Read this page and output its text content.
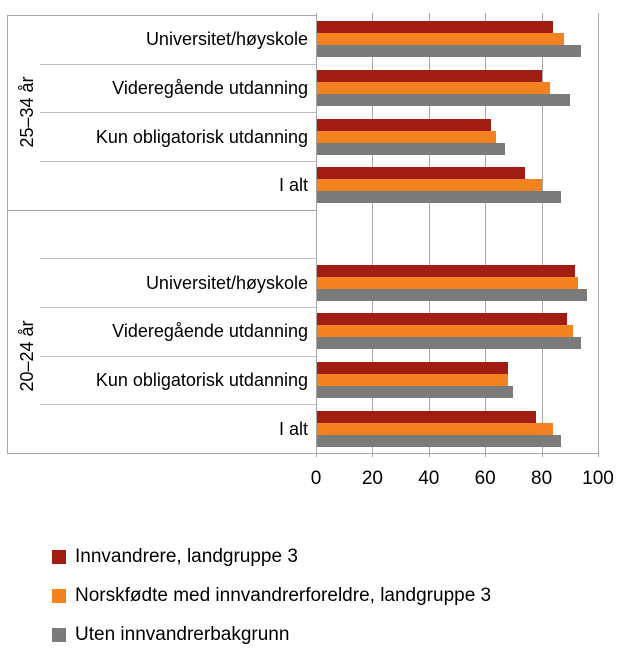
0	20	40	60	80	100
Universitet/høyskole
Videregående utdanning
Kun obligatorisk utdanning
I alt
25–34 år
Universitet/høyskole
Videregående utdanning
Kun obligatorisk utdanning
I alt
20–24 år
Innvandrere, landgruppe 3
Norskfødte med innvandrerforeldre, landgruppe 3
Uten innvandrerbakgrunn
